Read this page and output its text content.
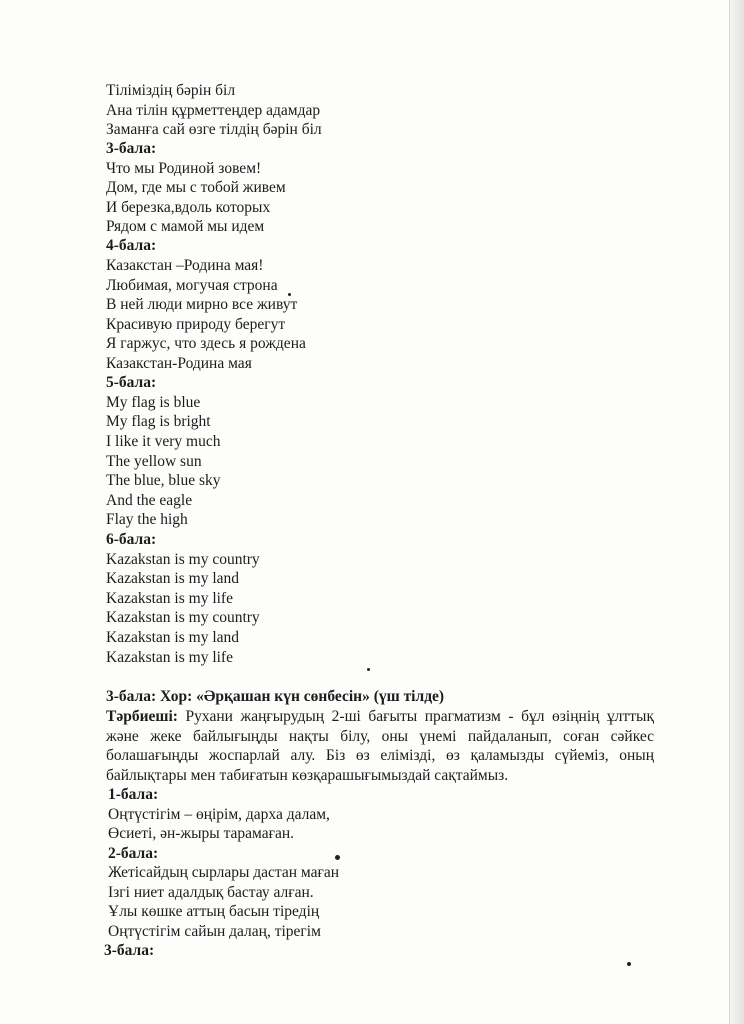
Тіліміздің бәрін біл
Ана тілін құрметтеңдер адамдар
Заманға сай өзге тілдің бәрін біл
3-бала:
Что мы Родиной зовем!
Дом, где мы с тобой живем
И березка,вдоль которых
Рядом с мамой мы идем
4-бала:
Казакстан –Родина мая!
Любимая, могучая строна
В ней люди мирно все живут
Красивую природу берегут
Я гаржус, что здесь я рождена
Казакстан-Родина мая
5-бала:
My flag is blue
My flag is bright
I like it very much
The yellow sun
The blue, blue sky
And the eagle
Flay the high
6-бала:
Kazakstan is my country
Kazakstan is my land
Kazakstan is my life
Kazakstan is my country
Kazakstan is my land
Kazakstan is my life
3-бала: Хор: «Әрқашан күн сөнбесін» (үш тілде)
Тәрбиеші: Рухани жаңғырудың 2-ші бағыты прагматизм - бұл өзіңнің ұлттық және жеке байлығыңды нақты білу, оны үнемі пайдаланып, соған сәйкес болашағыңды жоспарлай алу. Біз өз елімізді, өз қаламызды сүйеміз, оның байлықтары мен табиғатын көзқарашығымыздай сақтаймыз.
1-бала:
Оңтүстігім – өңірім, дарха далам,
Өсиеті, ән-жыры тарамаған.
2-бала:
Жетісайдың сырлары дастан маған
Ізгі ниет адалдық бастау алған.
Ұлы көшке аттың басын тіредің
Оңтүстігім сайын далаң, тірегім
3-бала:
